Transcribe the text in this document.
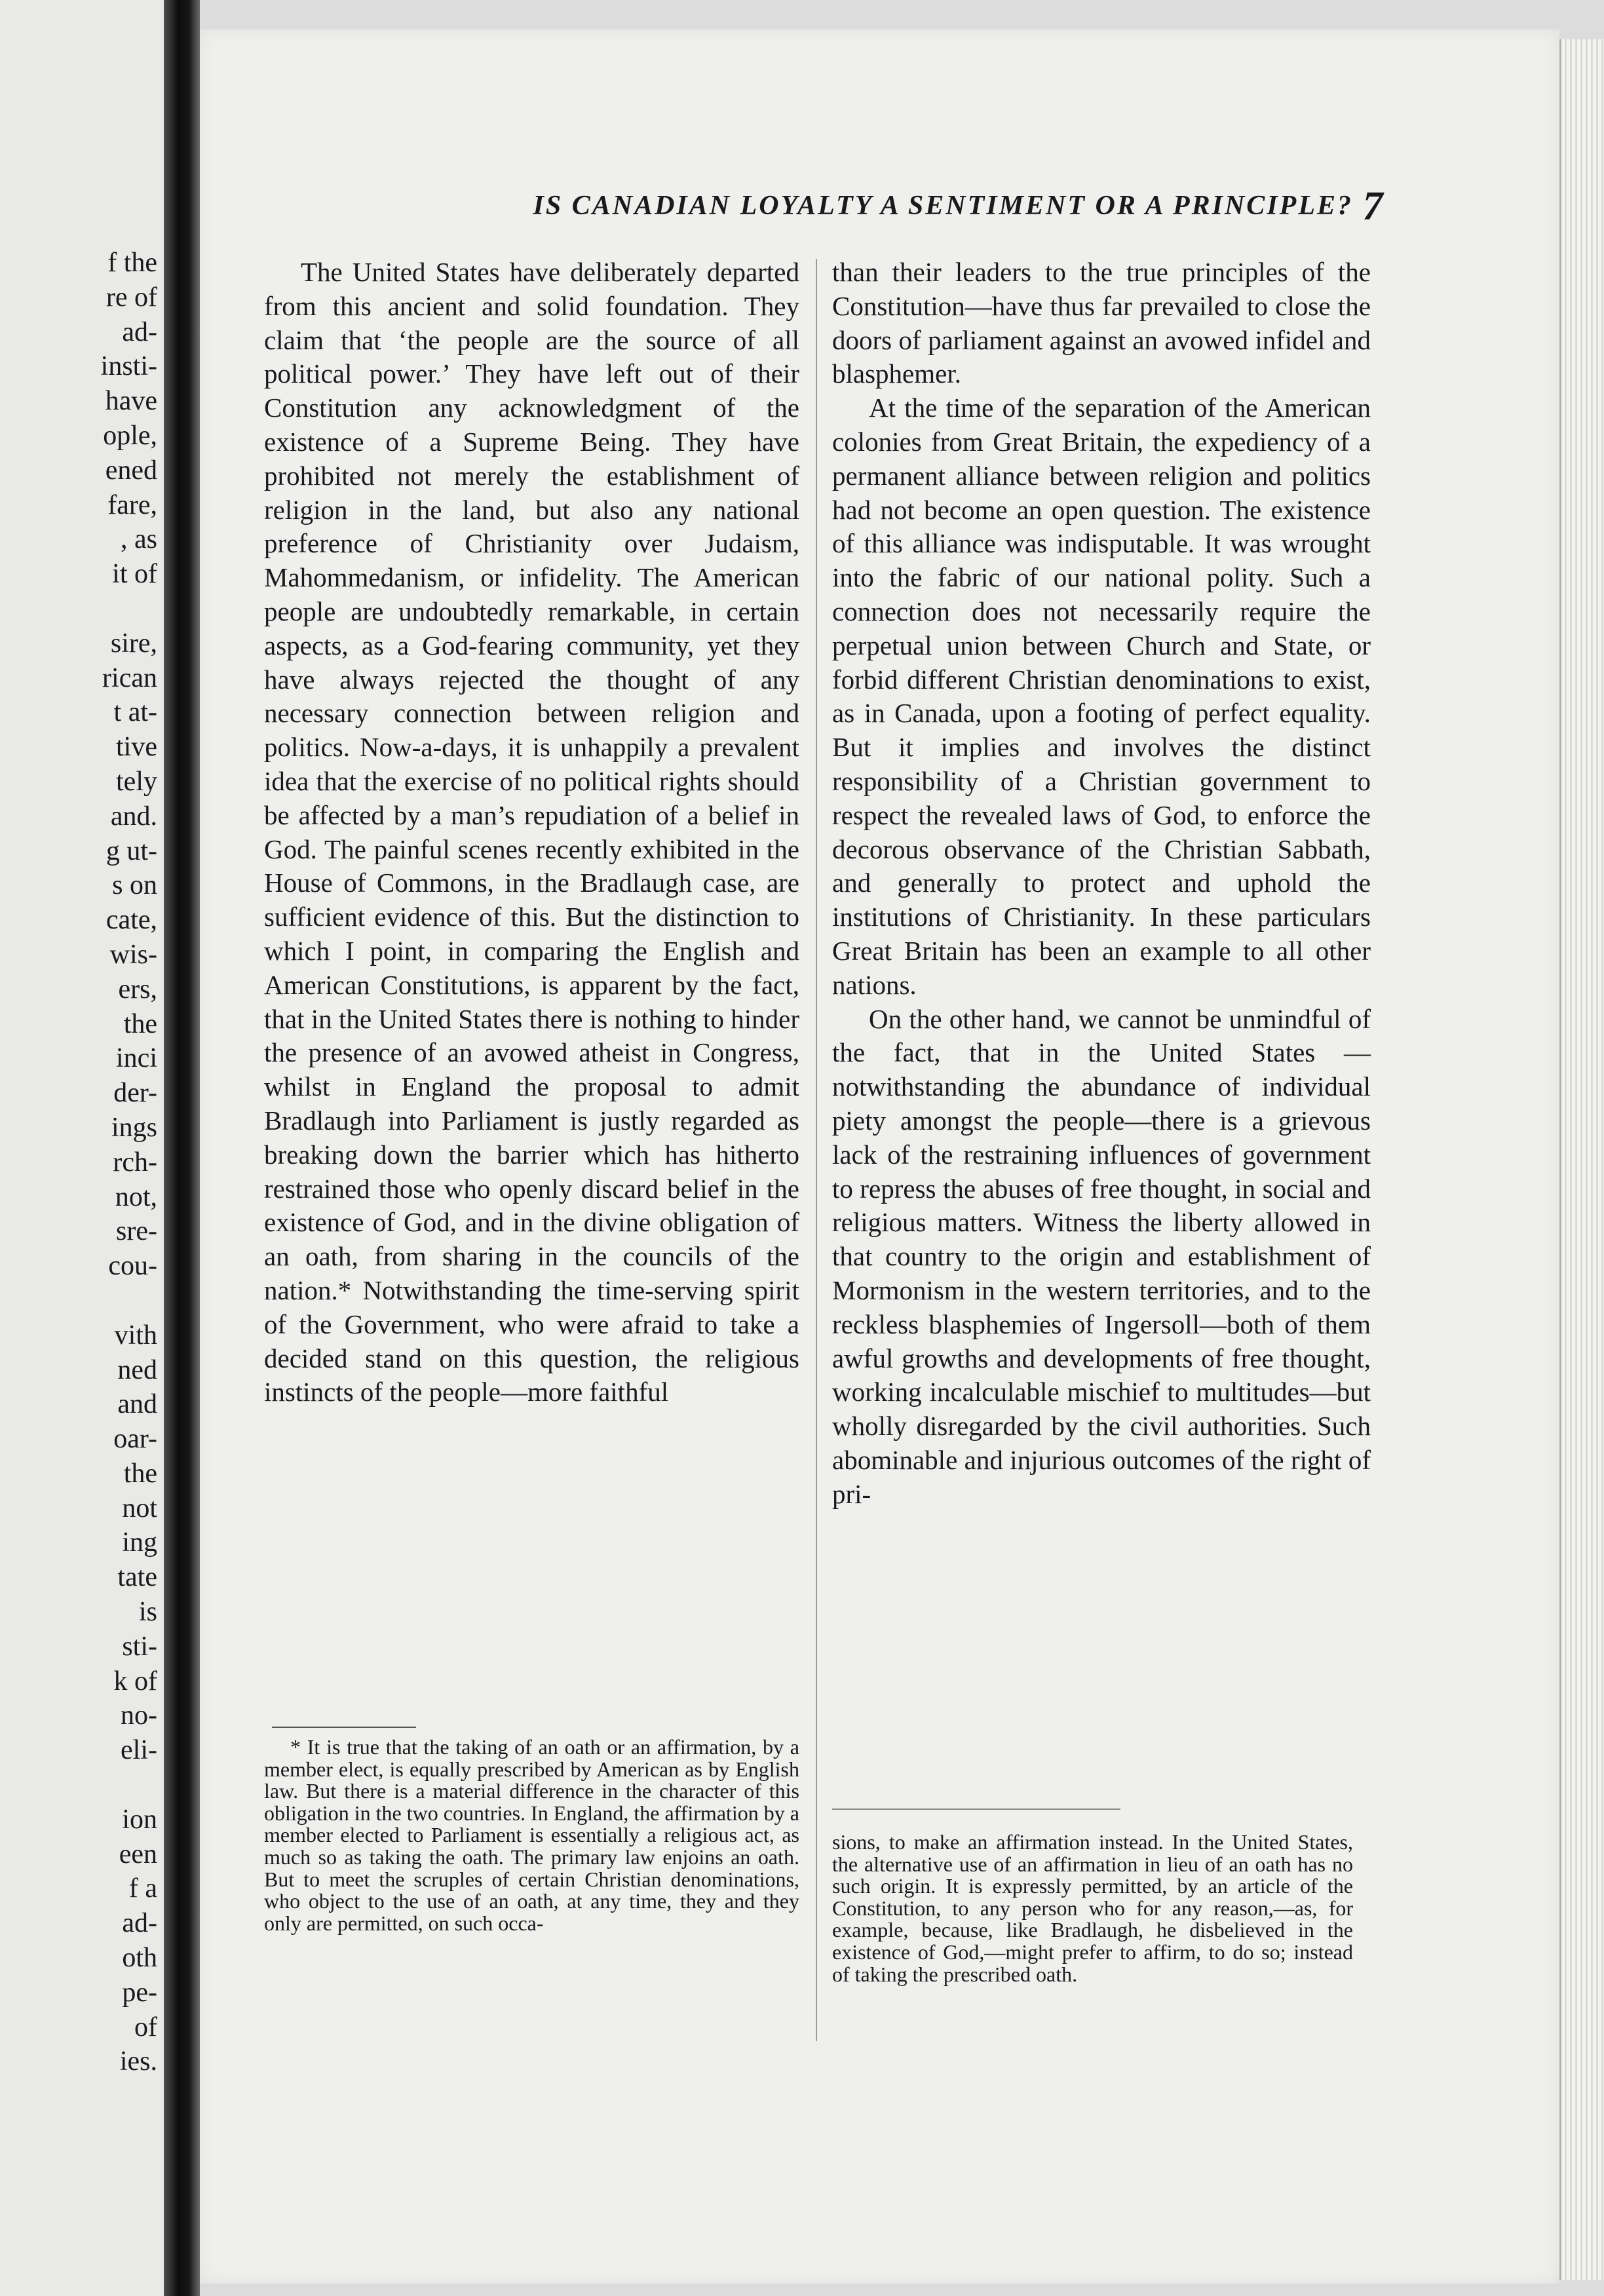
f the
re of
ad-
insti-
have
ople,
ened
fare,
, as
it of
sire,
rican
t at-
tive
tely
and.
g ut-
s on
cate,
wis-
ers,
the
inci
der-
ings
rch-
not,
sre-
cou-
vith
ned
and
oar-
the
not
ing
tate
is
sti-
k of
no-
eli-
ion
een
f a
ad-
oth
pe-
of
ies.
IS CANADIAN LOYALTY A SENTIMENT OR A PRINCIPLE? 7

The United States have deliberately departed from this ancient and solid foundation. They claim that ‘the people are the source of all political power.’ They have left out of their Constitution any acknowledgment of the existence of a Supreme Being. They have prohibited not merely the establishment of religion in the land, but also any national preference of Christianity over Judaism, Mahommedanism, or infidelity. The American people are undoubtedly remarkable, in certain aspects, as a God-fearing community, yet they have always rejected the thought of any necessary connection between religion and politics. Now-a-days, it is unhappily a prevalent idea that the exercise of no political rights should be affected by a man’s repudiation of a belief in God. The painful scenes recently exhibited in the House of Commons, in the Bradlaugh case, are sufficient evidence of this. But the distinction to which I point, in comparing the English and American Constitutions, is apparent by the fact, that in the United States there is nothing to hinder the presence of an avowed atheist in Congress, whilst in England the proposal to admit Bradlaugh into Parliament is justly regarded as breaking down the barrier which has hitherto restrained those who openly discard belief in the existence of God, and in the divine obligation of an oath, from sharing in the councils of the nation.* Notwithstanding the time-serving spirit of the Government, who were afraid to take a decided stand on this question, the religious instincts of the people—more faithful

than their leaders to the true principles of the Constitution—have thus far prevailed to close the doors of parliament against an avowed infidel and blasphemer.

At the time of the separation of the American colonies from Great Britain, the expediency of a permanent alliance between religion and politics had not become an open question. The existence of this alliance was indisputable. It was wrought into the fabric of our national polity. Such a connection does not necessarily require the perpetual union between Church and State, or forbid different Christian denominations to exist, as in Canada, upon a footing of perfect equality. But it implies and involves the distinct responsibility of a Christian government to respect the revealed laws of God, to enforce the decorous observance of the Christian Sabbath, and generally to protect and uphold the institutions of Christianity. In these particulars Great Britain has been an example to all other nations.

On the other hand, we cannot be unmindful of the fact, that in the United States — notwithstanding the abundance of individual piety amongst the people—there is a grievous lack of the restraining influences of government to repress the abuses of free thought, in social and religious matters. Witness the liberty allowed in that country to the origin and establishment of Mormonism in the western territories, and to the reckless blasphemies of Ingersoll—both of them awful growths and developments of free thought, working incalculable mischief to multitudes—but wholly disregarded by the civil authorities. Such abominable and injurious outcomes of the right of pri-

* It is true that the taking of an oath or an affirmation, by a member elect, is equally prescribed by American as by English law. But there is a material difference in the character of this obligation in the two countries. In England, the affirmation by a member elected to Parliament is essentially a religious act, as much so as taking the oath. The primary law enjoins an oath. But to meet the scruples of certain Christian denominations, who object to the use of an oath, at any time, they and they only are permitted, on such occa-

sions, to make an affirmation instead. In the United States, the alternative use of an affirmation in lieu of an oath has no such origin. It is expressly permitted, by an article of the Constitution, to any person who for any reason,—as, for example, because, like Bradlaugh, he disbelieved in the existence of God,—might prefer to affirm, to do so; instead of taking the prescribed oath.
